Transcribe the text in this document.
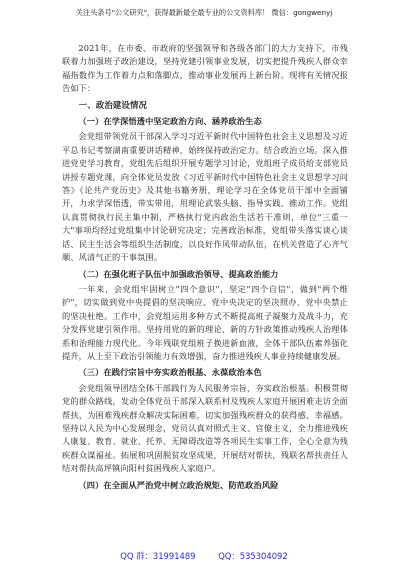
关注头条号"公文研究"，获得最新最全最专业的公文资料库！ 微信：gongwenyj

2021年，在市委、市政府的坚强领导和各级各部门的大力支持下，市残联着力加强班子政治建设，坚持党建引领事业发展，切实把提升残疾人群众幸福指数作为工作着力点和落脚点，推动事业发展再上新台阶。现将有关情况报告如下：

一、政治建设情况
（一）在学深悟透中坚定政治方向、涵养政治生态

会党组带领党员干部深入学习习近平新时代中国特色社会主义思想及习近平总书记考察湖南重要讲话精神，始终保持政治定力。结合政治立场。深入推进党史学习教育，党组先后组织开展专题学习讨论，党组班子成员给支部党员讲授专题党课，向全体党员发放《习近平新时代中国特色社会主义思想学习问答》《论共产党历史》及其他书籍务册，理论学习在全体党员干部中全面铺开，力求学深悟透，带实带用，用理论武装头脑、指导实践、推动工作。党组认真贯彻执行民主集中制，严格执行党内政治生活若干准则，单位"三重一大"事项均经过党组集中讨论研究决定；完善政治标准，党组带头落实谈心谈话、民主生活会等组织生活制度，以良好作风带动队伍，在机关营造了心齐气顺、风清气正的干事氛围。

（二）在强化班子队伍中加强政治领导、提高政治能力

一年来，会党组牢固树立"四个意识"，坚定"四个自信"，做到"两个维护"，切实做到党中央提倡的坚决响应、党中央决定的坚决照办、党中央禁止的坚决杜绝。工作中，会党组运用多种方式不断提高班子凝聚力及战斗力，充分发挥党建引领作用。坚持用党的新的理论、新的方针政策推动残疾人治理体系和治理能力现代化。今年残联党组班子换进新血液，全体干部队伍素养强化提升，从上至下政治引领能力有效增强，奋力推进残疾人事业持续健康发展。

（三）在践行宗旨中夯实政治根基、永葆政治本色

会党组领导团结全体干部践行为人民服务宗旨，夯实政治根基。积极贯彻党的群众路线，发动全体党员干部深入联系村及残疾人家庭开展困难走访全面帮扶，为困难残疾群众解决实际困难，切实加强残疾群众的获得感、幸福感。坚持以人民为中心发展理念，党员认真对照式主义、官僚主义，全力推进残疾人康复、教育、就业、托养、无障碍改造等各项民生实事工作，全心全意为残疾群众谋福祉。拓展和巩固脱贫攻坚成果，开展结对帮扶，残联名帮扶责任人结对帮扶高坪镇向阳村贫困残疾人家庭户。

（四）在全面从严治党中树立政治规矩、防范政治风险
QQ 群：31991489	QQ：535304092
